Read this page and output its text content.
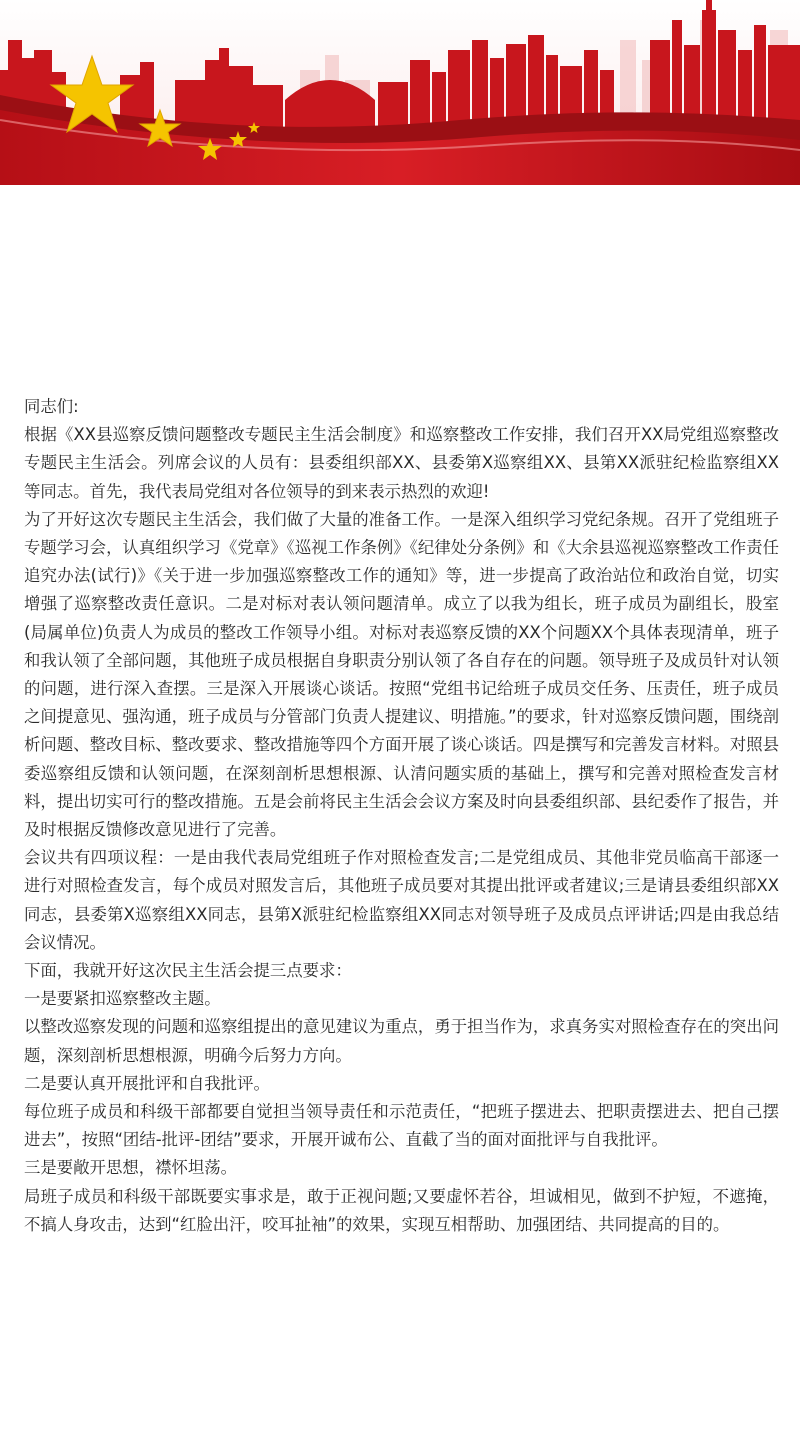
同志们:

根据《XX县巡察反馈问题整改专题民主生活会制度》和巡察整改工作安排，我们召开XX局党组巡察整改专题民主生活会。列席会议的人员有：县委组织部XX、县委第X巡察组XX、县第XX派驻纪检监察组XX等同志。首先，我代表局党组对各位领导的到来表示热烈的欢迎!

为了开好这次专题民主生活会，我们做了大量的准备工作。一是深入组织学习党纪条规。召开了党组班子专题学习会，认真组织学习《党章》《巡视工作条例》《纪律处分条例》和《大余县巡视巡察整改工作责任追究办法(试行)》《关于进一步加强巡察整改工作的通知》等，进一步提高了政治站位和政治自觉，切实增强了巡察整改责任意识。二是对标对表认领问题清单。成立了以我为组长，班子成员为副组长，股室(局属单位)负责人为成员的整改工作领导小组。对标对表巡察反馈的XX个问题XX个具体表现清单，班子和我认领了全部问题，其他班子成员根据自身职责分别认领了各自存在的问题。领导班子及成员针对认领的问题，进行深入查摆。三是深入开展谈心谈话。按照“党组书记给班子成员交任务、压责任，班子成员之间提意见、强沟通，班子成员与分管部门负责人提建议、明措施。”的要求，针对巡察反馈问题，围绕剖析问题、整改目标、整改要求、整改措施等四个方面开展了谈心谈话。四是撰写和完善发言材料。对照县委巡察组反馈和认领问题，在深刻剖析思想根源、认清问题实质的基础上，撰写和完善对照检查发言材料，提出切实可行的整改措施。五是会前将民主生活会会议方案及时向县委组织部、县纪委作了报告，并及时根据反馈修改意见进行了完善。

会议共有四项议程：一是由我代表局党组班子作对照检查发言;二是党组成员、其他非党员临高干部逐一进行对照检查发言，每个成员对照发言后，其他班子成员要对其提出批评或者建议;三是请县委组织部XX同志，县委第X巡察组XX同志，县第X派驻纪检监察组XX同志对领导班子及成员点评讲话;四是由我总结会议情况。

下面，我就开好这次民主生活会提三点要求：

一是要紧扣巡察整改主题。

以整改巡察发现的问题和巡察组提出的意见建议为重点，勇于担当作为，求真务实对照检查存在的突出问题，深刻剖析思想根源，明确今后努力方向。

二是要认真开展批评和自我批评。

每位班子成员和科级干部都要自觉担当领导责任和示范责任，“把班子摆进去、把职责摆进去、把自己摆进去”，按照“团结-批评-团结”要求，开展开诚布公、直截了当的面对面批评与自我批评。

三是要敞开思想，襟怀坦荡。

局班子成员和科级干部既要实事求是，敢于正视问题;又要虚怀若谷，坦诚相见，做到不护短，不遮掩，不搞人身攻击，达到“红脸出汗，咬耳扯袖”的效果，实现互相帮助、加强团结、共同提高的目的。
